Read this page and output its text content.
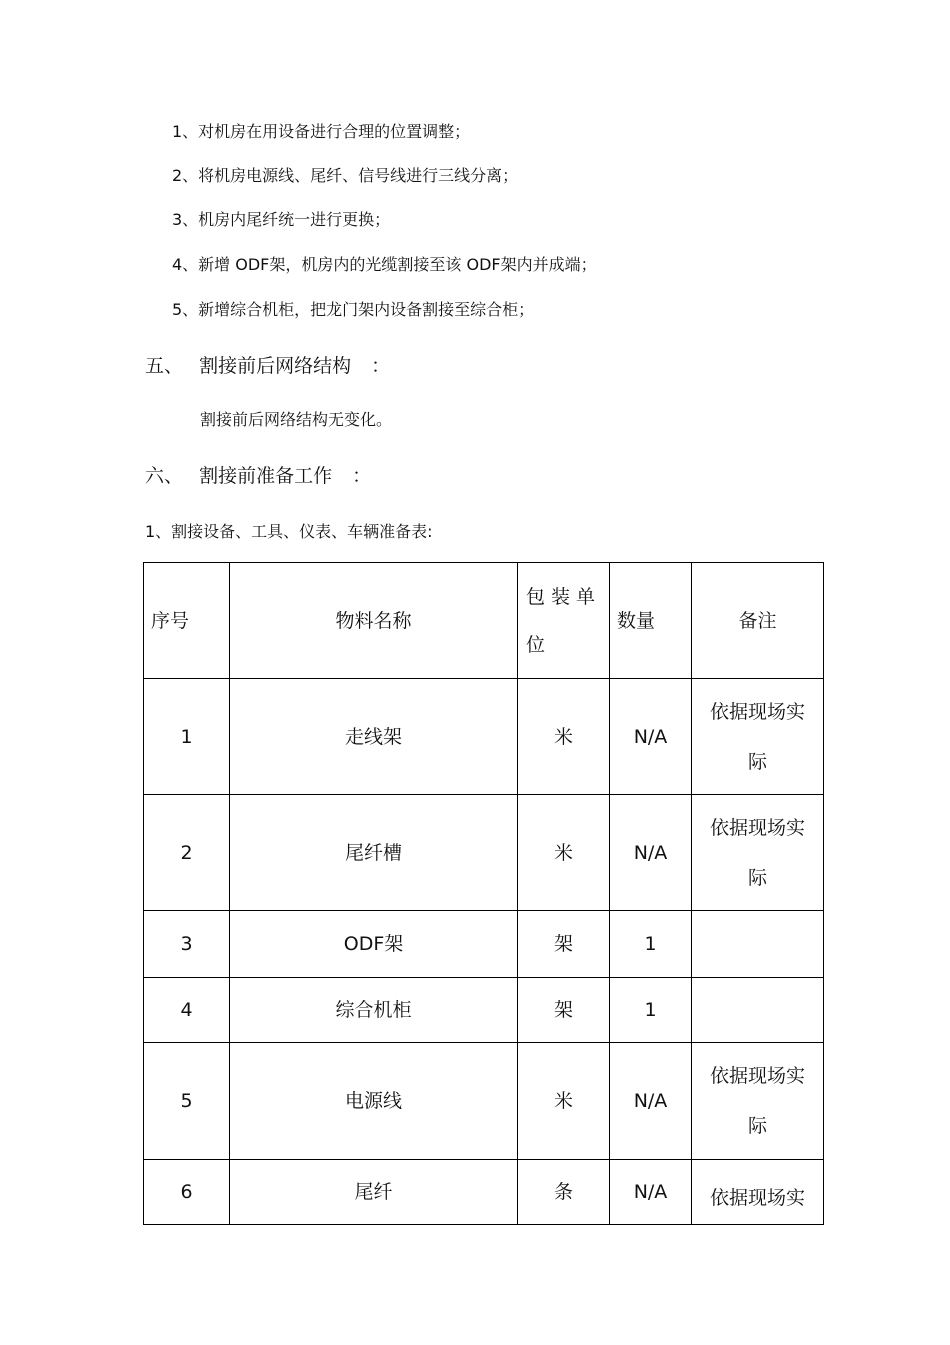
1、对机房在用设备进行合理的位置调整；
2、将机房电源线、尾纤、信号线进行三线分离；
3、机房内尾纤统一进行更换；
4、新增 ODF架，机房内的光缆割接至该 ODF架内并成端；
5、新增综合机柜，把龙门架内设备割接至综合柜；
五、 割接前后网络结构 ：
割接前后网络结构无变化。
六、 割接前准备工作 ：
1、割接设备、工具、仪表、车辆准备表:
序号	物料名称	包装单位	数量	备注
1	走线架	米	N/A	依据现场实
际
2	尾纤槽	米	N/A	依据现场实
际
3	ODF架	架	1	
4	综合机柜	架	1	
5	电源线	米	N/A	依据现场实
际
6	尾纤	条	N/A	依据现场实
